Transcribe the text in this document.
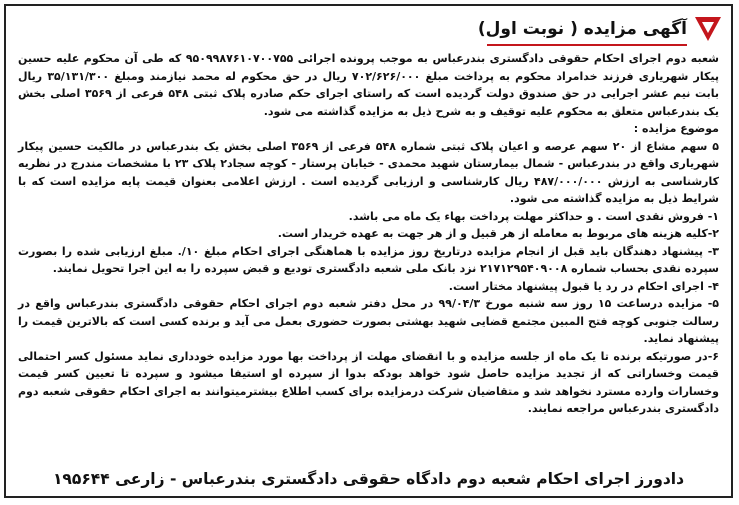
آگهی مزایده ( نوبت اول)

شعبه دوم اجرای احکام حقوقی دادگستری بندرعباس به موجب پرونده اجرائی ۹۵۰۹۹۸۷۶۱۰۷۰۰۷۵۵ که طی آن محکوم علیه حسین پیکار شهریاری فرزند خدامراد محکوم به پرداخت مبلغ ۷۰۲/۶۲۶/۰۰۰ ریال در حق محکوم له محمد نیازمند ومبلغ ۳۵/۱۳۱/۳۰۰ ریال بابت نیم عشر اجرایی در حق صندوق دولت گردیده است که راستای اجرای حکم صادره پلاک ثبتی ۵۴۸ فرعی از ۳۵۶۹ اصلی بخش یک بندرعباس متعلق به محکوم علیه توقیف و به شرح ذیل به مزایده گذاشته می شود.

موضوع مزایده :

۵ سهم مشاع از ۲۰ سهم عرصه و اعیان پلاک ثبتی شماره ۵۴۸ فرعی از ۳۵۶۹ اصلی بخش یک بندرعباس در مالکیت حسین پیکار شهریاری واقع در بندرعباس - شمال بیمارستان شهید محمدی - خیابان پرستار - کوچه سجاد۲ پلاک ۲۳ با مشخصات مندرج در نظریه کارشناسی به ارزش ۴۸۷/۰۰۰/۰۰۰ ریال کارشناسی و ارزیابی گردیده است . ارزش اعلامی بعنوان قیمت پایه مزایده است که با شرایط ذیل به مزایده گذاشته می شود.

۱- فروش نقدی است . و حداکثر مهلت پرداخت بهاء یک ماه می باشد.

۲-کلیه هزینه های مربوط به معامله از هر قبیل و از هر جهت به عهده خریدار است.

۳- پیشنهاد دهندگان باید قبل از انجام مزایده درتاریخ روز مزایده با هماهنگی اجرای احکام مبلغ ۱۰/. مبلغ ارزیابی شده را بصورت سپرده نقدی بحساب شماره ۲۱۷۱۲۹۵۴۰۹۰۰۸ نزد بانک ملی شعبه دادگستری تودیع و قبض سپرده را به این اجرا تحویل نمایند.

۴- اجرای احکام در رد یا قبول پیشنهاد مختار است.

۵- مزایده درساعت ۱۵ روز سه شنبه مورخ ۹۹/۰۴/۳ در محل دفتر شعبه دوم اجرای احکام حقوقی دادگستری بندرعباس واقع در رسالت جنوبی کوچه فتح المبین مجتمع قضایی شهید بهشتی بصورت حضوری بعمل می آید و برنده کسی است که بالاترین قیمت را پیشنهاد نماید.

۶-در صورتیکه برنده تا یک ماه از جلسه مزایده و با انقضای مهلت از پرداخت بها مورد مزایده خودداری نماید مسئول کسر احتمالی قیمت وخساراتی که از تجدید مزایده حاصل شود خواهد بودکه بدوا از سپرده او استیفا میشود و سپرده تا تعیین کسر قیمت وخسارات وارده مسترد نخواهد شد و متقاضیان شرکت درمزایده برای کسب اطلاع بیشترمیتوانند به اجرای احکام حقوقی شعبه دوم دادگستری بندرعباس مراجعه نمایند.

دادورز اجرای احکام شعبه دوم دادگاه حقوقی دادگستری بندرعباس - زارعی ۱۹۵۶۴۴
